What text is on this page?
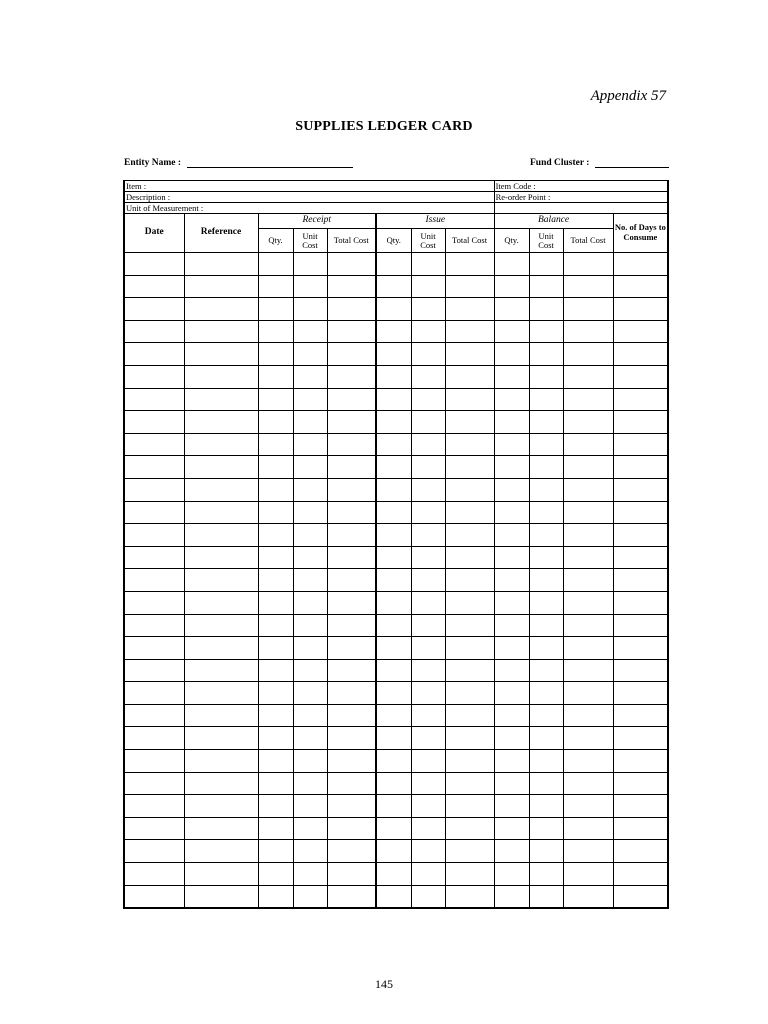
Appendix 57
SUPPLIES LEDGER CARD
Entity Name :	Fund Cluster :
Item :								Item Code :			
Description :								Re-order Point :			
Unit of Measurement :											
Date	Reference	Receipt			Issue			Balance			No. of Days to Consume
		Qty.	Unit Cost	Total Cost	Qty.	Unit Cost	Total Cost	Qty.	Unit Cost	Total Cost	

145
